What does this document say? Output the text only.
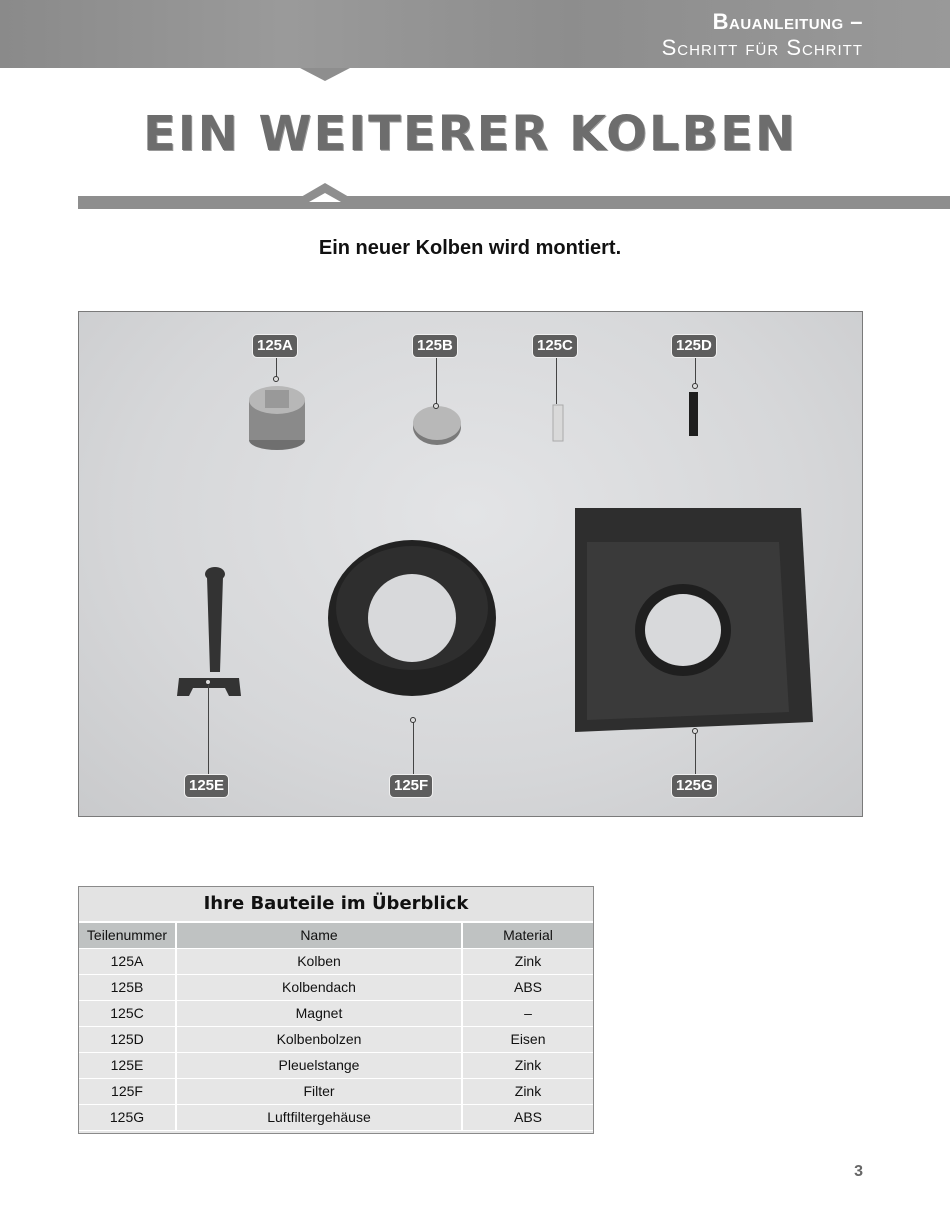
Bauanleitung –
Schritt für Schritt
EIN WEITERER KOLBEN
Ein neuer Kolben wird montiert.
125A	125B	125C	125D
125E	125F	125G
Ihre Bauteile im Überblick
Teilenummer	Name	Material
125A	Kolben	Zink
125B	Kolbendach	ABS
125C	Magnet	–
125D	Kolbenbolzen	Eisen
125E	Pleuelstange	Zink
125F	Filter	Zink
125G	Luftfiltergehäuse	ABS
3
